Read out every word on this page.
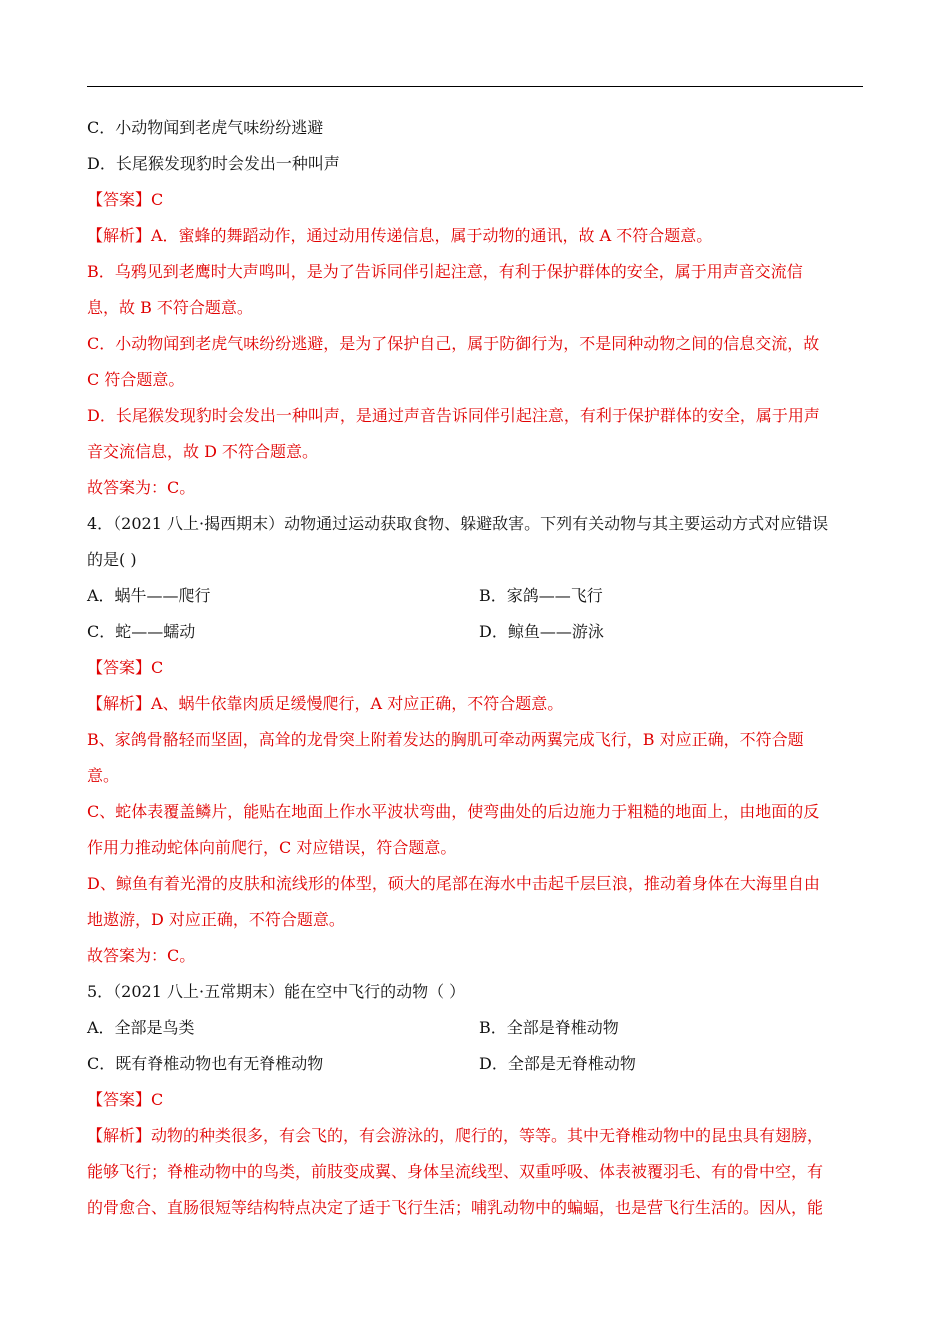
C．小动物闻到老虎气味纷纷逃避
D．长尾猴发现豹时会发出一种叫声
【答案】C
【解析】A．蜜蜂的舞蹈动作，通过动用传递信息，属于动物的通讯，故 A 不符合题意。
B．乌鸦见到老鹰时大声鸣叫，是为了告诉同伴引起注意，有利于保护群体的安全，属于用声音交流信
息，故 B 不符合题意。
C．小动物闻到老虎气味纷纷逃避，是为了保护自己，属于防御行为，不是同种动物之间的信息交流，故
C 符合题意。
D．长尾猴发现豹时会发出一种叫声，是通过声音告诉同伴引起注意，有利于保护群体的安全，属于用声
音交流信息，故 D 不符合题意。
故答案为：C。
4．（2021 八上·揭西期末）动物通过运动获取食物、躲避敌害。下列有关动物与其主要运动方式对应错误
的是( )
A．蜗牛——爬行	B．家鸽——飞行
C．蛇——蠕动	D．鲸鱼——游泳
【答案】C
【解析】A、蜗牛依靠肉质足缓慢爬行，A 对应正确，不符合题意。
B、家鸽骨骼轻而坚固，高耸的龙骨突上附着发达的胸肌可牵动两翼完成飞行，B 对应正确，不符合题
意。
C、蛇体表覆盖鳞片，能贴在地面上作水平波状弯曲，使弯曲处的后边施力于粗糙的地面上，由地面的反
作用力推动蛇体向前爬行，C 对应错误，符合题意。
D、鲸鱼有着光滑的皮肤和流线形的体型，硕大的尾部在海水中击起千层巨浪，推动着身体在大海里自由
地遨游，D 对应正确，不符合题意。
故答案为：C。
5．（2021 八上·五常期末）能在空中飞行的动物（ ）
A．全部是鸟类	B．全部是脊椎动物
C．既有脊椎动物也有无脊椎动物	D．全部是无脊椎动物
【答案】C
【解析】动物的种类很多，有会飞的，有会游泳的，爬行的，等等。其中无脊椎动物中的昆虫具有翅膀，
能够飞行；脊椎动物中的鸟类，前肢变成翼、身体呈流线型、双重呼吸、体表被覆羽毛、有的骨中空，有
的骨愈合、直肠很短等结构特点决定了适于飞行生活；哺乳动物中的蝙蝠，也是营飞行生活的。因从，能
